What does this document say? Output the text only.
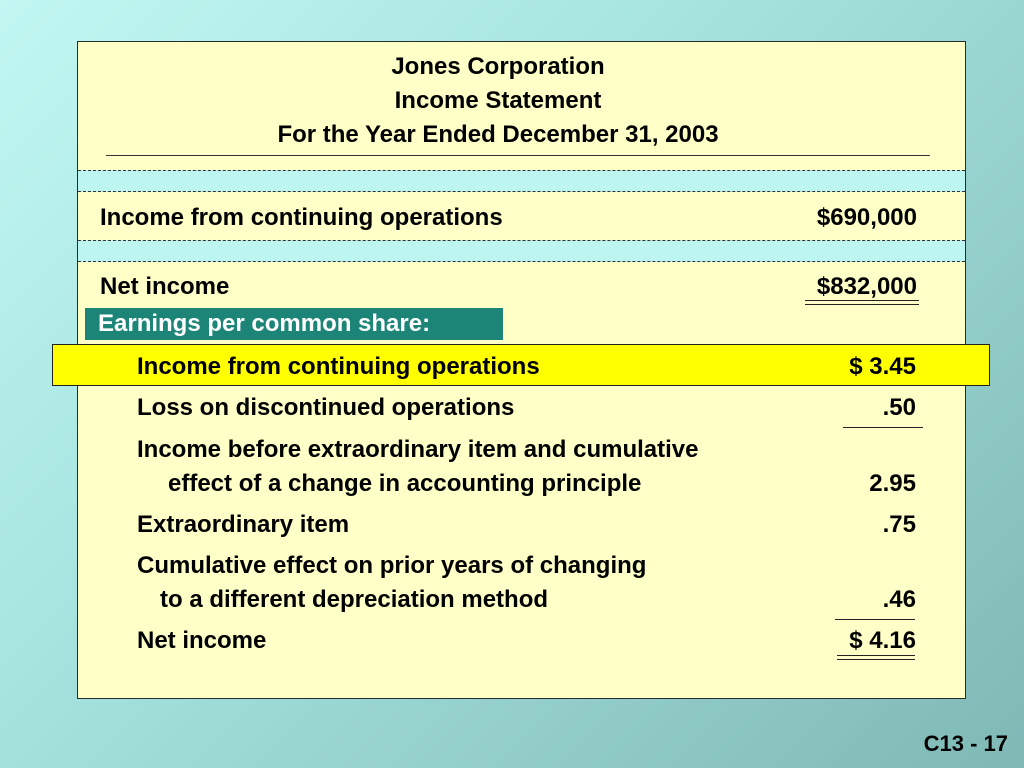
Jones Corporation
Income Statement
For the Year Ended December 31, 2003
Income from continuing operations	$690,000
Net income	$832,000
Earnings per common share:
Income from continuing operations	$ 3.45
Loss on discontinued operations	.50
Income before extraordinary item and cumulative
effect of a change in accounting principle	2.95
Extraordinary item	.75
Cumulative effect on prior years of changing
to a different depreciation method	.46
Net income	$ 4.16
C13 - 17
